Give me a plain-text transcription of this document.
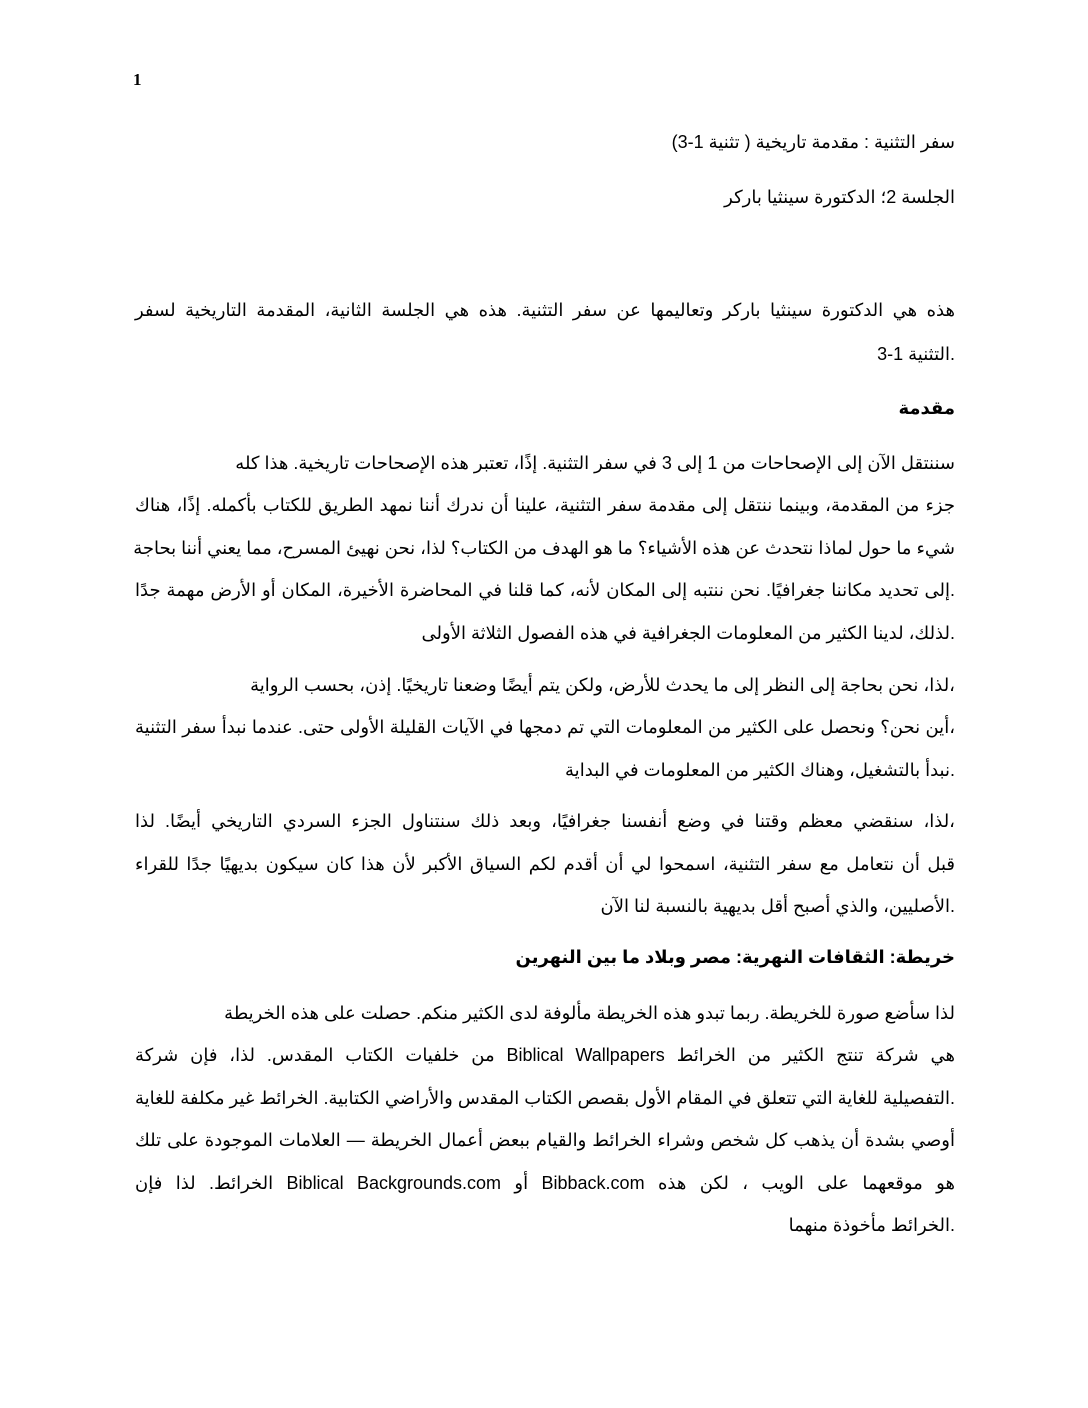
1
سفر التثنية : مقدمة تاريخية ( تثنية 1-3)
الجلسة 2؛ الدكتورة سينثيا باركر
هذه هي الدكتورة سينثيا باركر وتعاليمها عن سفر التثنية. هذه هي الجلسة الثانية، المقدمة التاريخية لسفر
.التثنية 1-3
مقدمة
سننتقل الآن إلى الإصحاحات من 1 إلى 3 في سفر التثنية. إذًا، تعتبر هذه الإصحاحات تاريخية. هذا كله
جزء من المقدمة، وبينما ننتقل إلى مقدمة سفر التثنية، علينا أن ندرك أننا نمهد الطريق للكتاب بأكمله. إذًا، هناك
شيء ما حول لماذا نتحدث عن هذه الأشياء؟ ما هو الهدف من الكتاب؟ لذا، نحن نهيئ المسرح، مما يعني أننا بحاجة
.إلى تحديد مكاننا جغرافيًا. نحن ننتبه إلى المكان لأنه، كما قلنا في المحاضرة الأخيرة، المكان أو الأرض مهمة جدًا
.لذلك، لدينا الكثير من المعلومات الجغرافية في هذه الفصول الثلاثة الأولى
،لذا، نحن بحاجة إلى النظر إلى ما يحدث للأرض، ولكن يتم أيضًا وضعنا تاريخيًا. إذن، بحسب الرواية
،أين نحن؟ ونحصل على الكثير من المعلومات التي تم دمجها في الآيات القليلة الأولى حتى. عندما نبدأ سفر التثنية
.نبدأ بالتشغيل، وهناك الكثير من المعلومات في البداية
،لذا، سنقضي معظم وقتنا في وضع أنفسنا جغرافيًا، وبعد ذلك سنتناول الجزء السردي التاريخي أيضًا. لذا
قبل أن نتعامل مع سفر التثنية، اسمحوا لي أن أقدم لكم السياق الأكبر لأن هذا كان سيكون بديهيًا جدًا للقراء
.الأصليين، والذي أصبح أقل بديهية بالنسبة لنا الآن
خريطة: الثقافات النهرية: مصر وبلاد ما بين النهرين
لذا سأضع صورة للخريطة. ربما تبدو هذه الخريطة مألوفة لدى الكثير منكم. حصلت على هذه الخريطة
هي شركة تنتج الكثير من الخرائط Biblical Wallpapers من خلفيات الكتاب المقدس. لذا، فإن شركة
.التفصيلية للغاية التي تتعلق في المقام الأول بقصص الكتاب المقدس والأراضي الكتابية. الخرائط غير مكلفة للغاية
أوصي بشدة أن يذهب كل شخص وشراء الخرائط والقيام ببعض أعمال الخريطة — العلامات الموجودة على تلك
هو موقعهما على الويب ، لكن هذه Bibback.com أو Biblical Backgrounds.com الخرائط. لذا فإن
.الخرائط مأخوذة منهما
